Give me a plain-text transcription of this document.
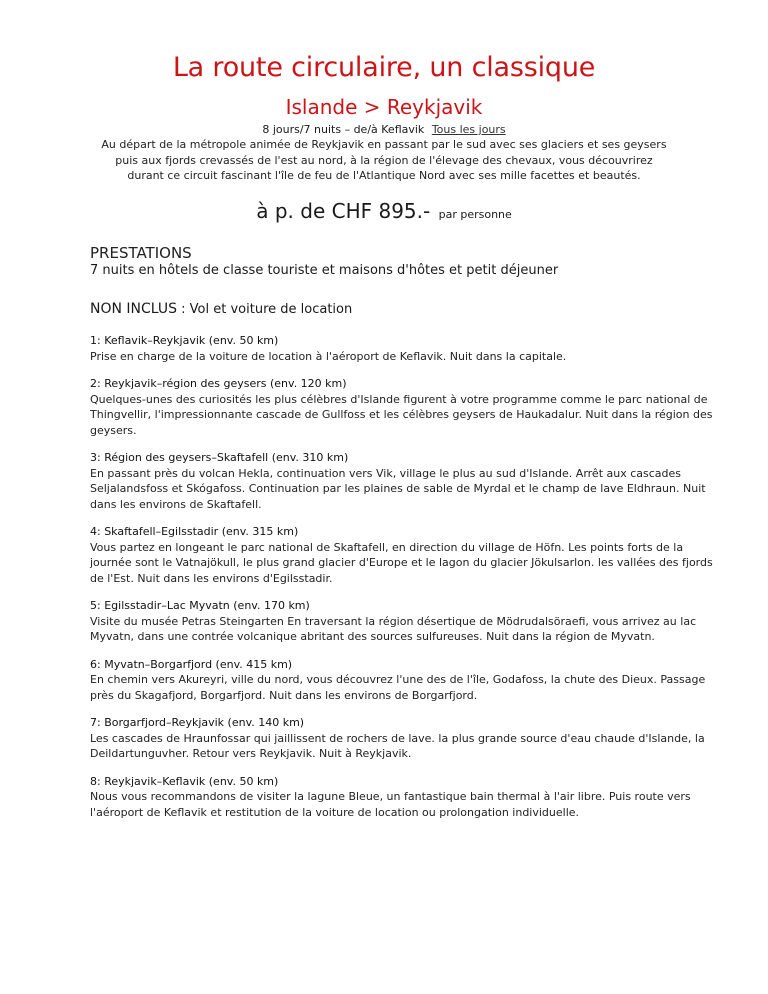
La route circulaire, un classique
Islande > Reykjavik
8 jours/7 nuits – de/à Keflavik Tous les jours
Au départ de la métropole animée de Reykjavik en passant par le sud avec ses glaciers et ses geysers puis aux fjords crevassés de l'est au nord, à la région de l'élevage des chevaux, vous découvrirez durant ce circuit fascinant l'île de feu de l'Atlantique Nord avec ses mille facettes et beautés.
à p. de CHF 895.- par personne
PRESTATIONS
7 nuits en hôtels de classe touriste et maisons d'hôtes et petit déjeuner
NON INCLUS : Vol et voiture de location
1: Keflavik–Reykjavik (env. 50 km)
Prise en charge de la voiture de location à l'aéroport de Keflavik. Nuit dans la capitale.
2: Reykjavik–région des geysers (env. 120 km)
Quelques-unes des curiosités les plus célèbres d'Islande figurent à votre programme comme le parc national de Thingvellir, l'impressionnante cascade de Gullfoss et les célèbres geysers de Haukadalur. Nuit dans la région des geysers.
3: Région des geysers–Skaftafell (env. 310 km)
En passant près du volcan Hekla, continuation vers Vik, village le plus au sud d'Islande. Arrêt aux cascades Seljalandsfoss et Skógafoss. Continuation par les plaines de sable de Myrdal et le champ de lave Eldhraun. Nuit dans les environs de Skaftafell.
4: Skaftafell–Egilsstadir (env. 315 km)
Vous partez en longeant le parc national de Skaftafell, en direction du village de Höfn. Les points forts de la journée sont le Vatnajökull, le plus grand glacier d'Europe et le lagon du glacier Jökulsarlon. les vallées des fjords de l'Est. Nuit dans les environs d'Egilsstadir.
5: Egilsstadir–Lac Myvatn (env. 170 km)
Visite du musée Petras Steingarten En traversant la région désertique de Mödrudalsöraefi, vous arrivez au lac Myvatn, dans une contrée volcanique abritant des sources sulfureuses. Nuit dans la région de Myvatn.
6: Myvatn–Borgarfjord (env. 415 km)
En chemin vers Akureyri, ville du nord, vous découvrez l'une des de l'île, Godafoss, la chute des Dieux. Passage près du Skagafjord, Borgarfjord. Nuit dans les environs de Borgarfjord.
7: Borgarfjord–Reykjavik (env. 140 km)
Les cascades de Hraunfossar qui jaillissent de rochers de lave. la plus grande source d'eau chaude d'Islande, la Deildartunguvher. Retour vers Reykjavik. Nuit à Reykjavik.
8: Reykjavik–Keflavik (env. 50 km)
Nous vous recommandons de visiter la lagune Bleue, un fantastique bain thermal à l'air libre. Puis route vers l'aéroport de Keflavik et restitution de la voiture de location ou prolongation individuelle.
